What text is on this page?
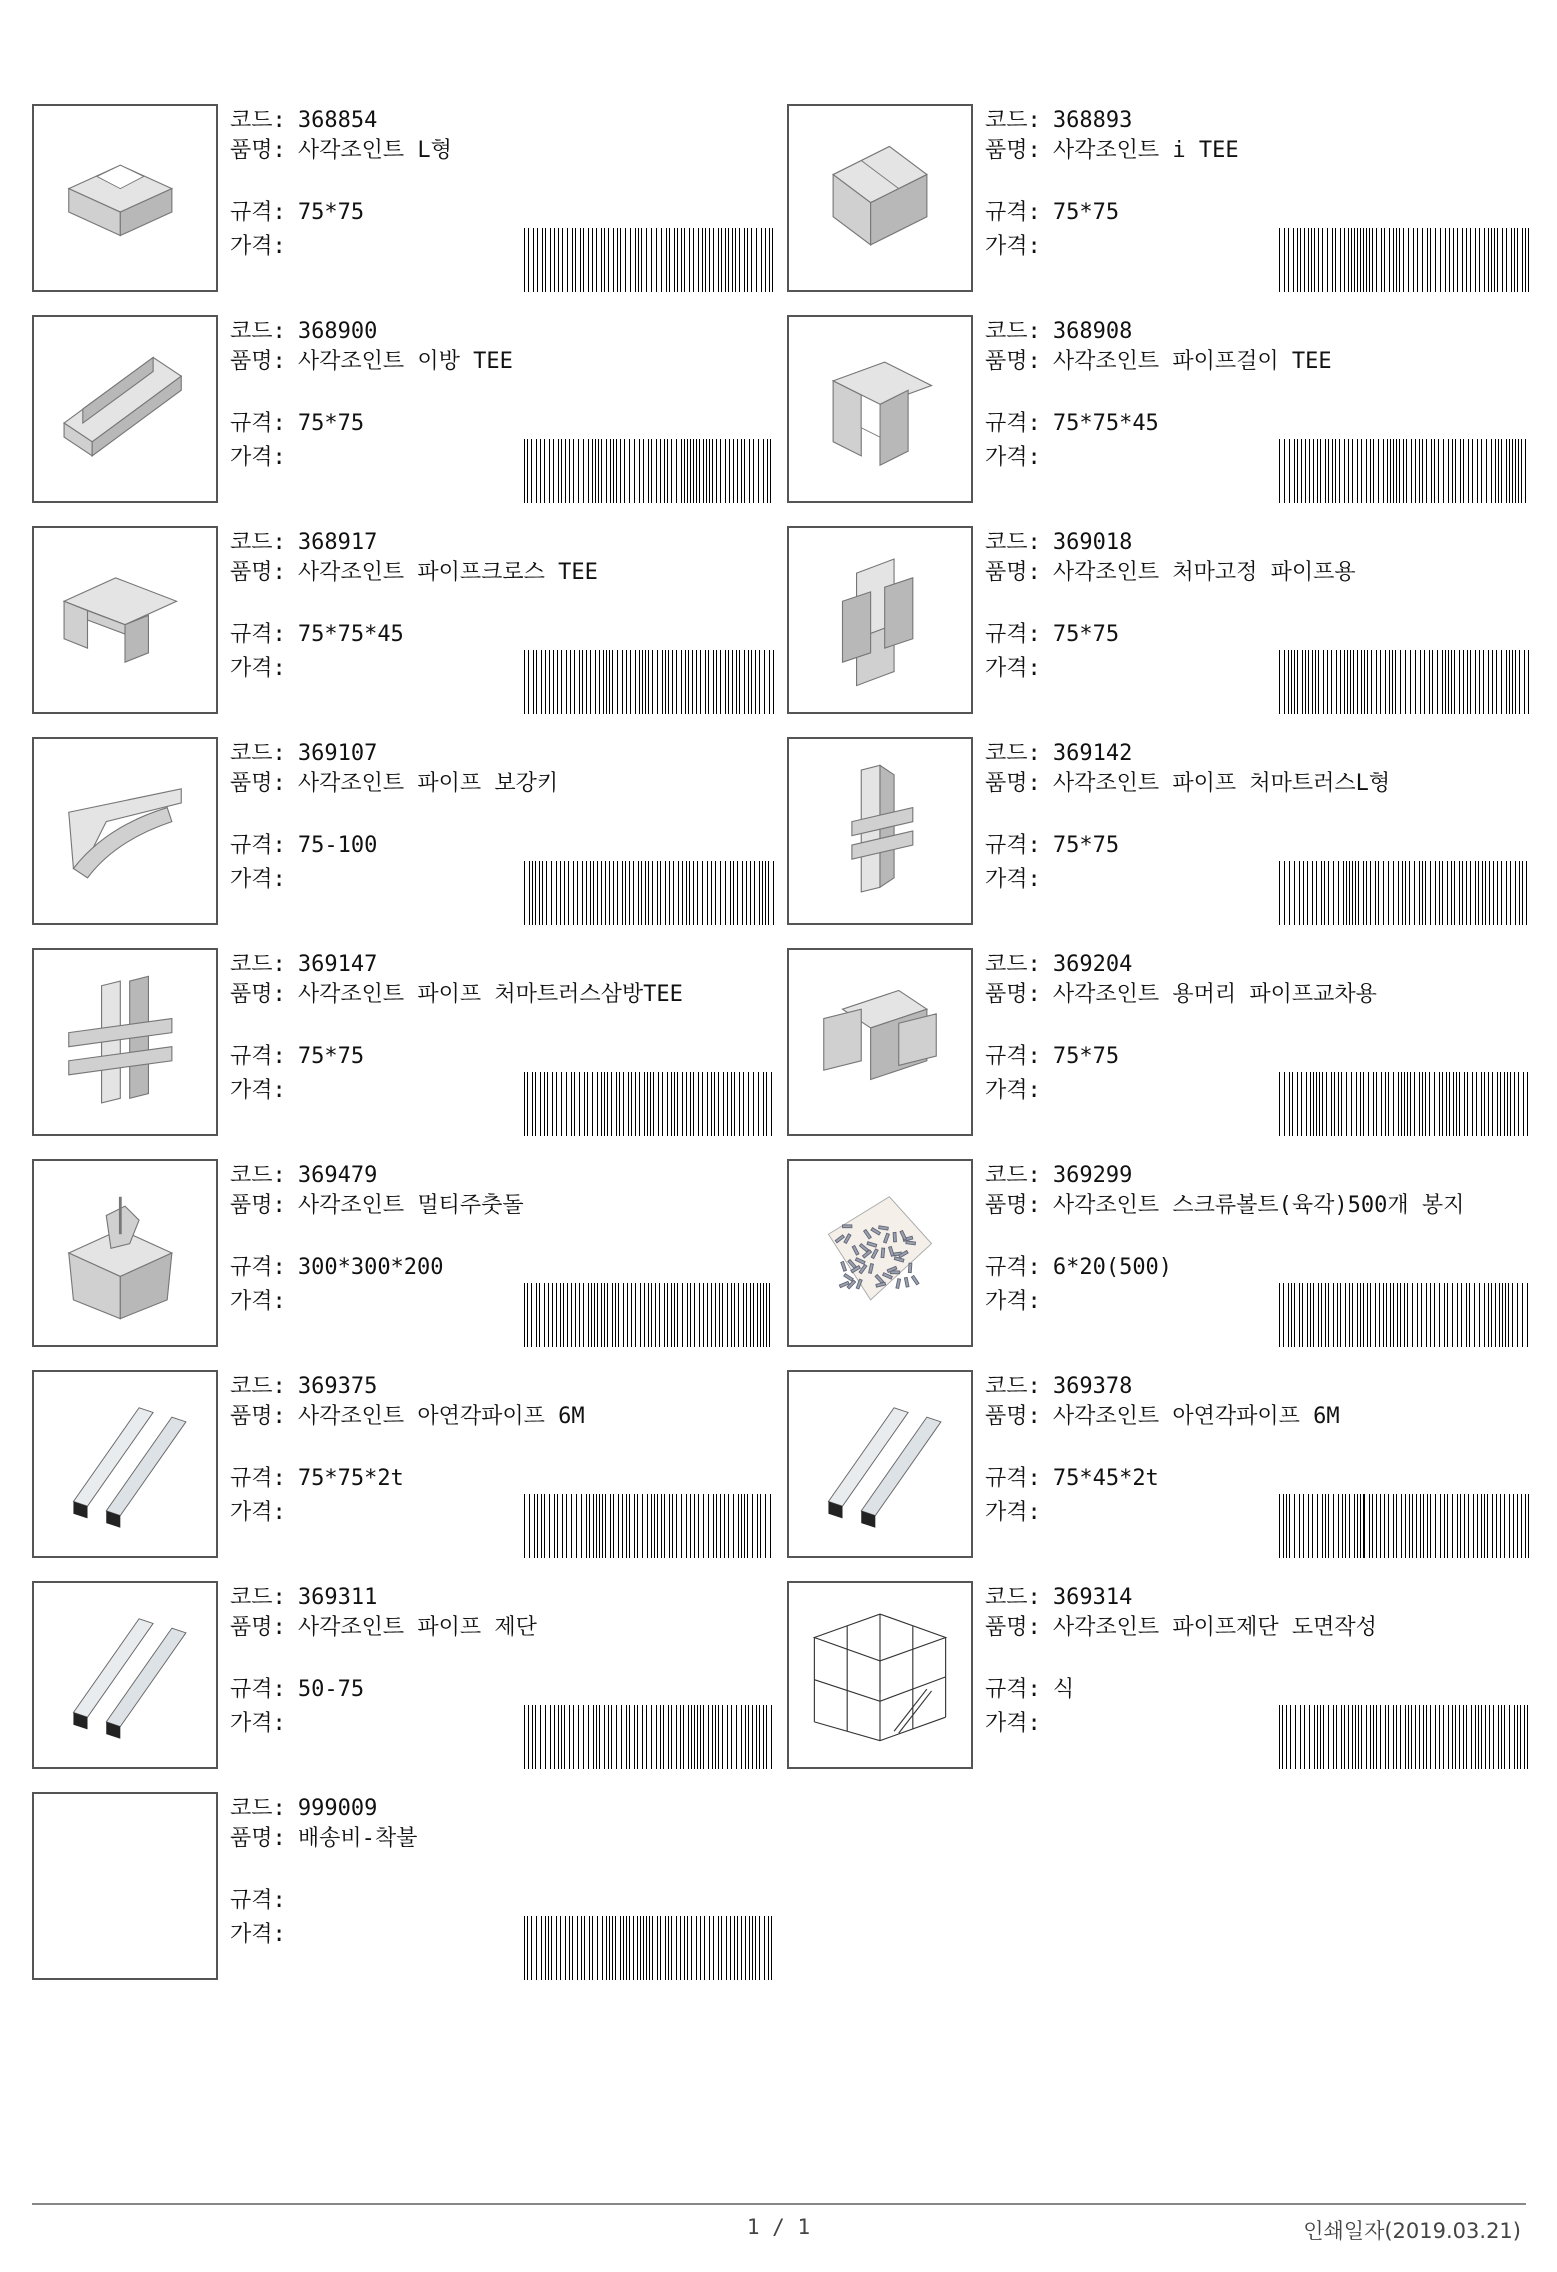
코드: 368854
품명: 사각조인트 L형
규격: 75*75
가격:
코드: 368893
품명: 사각조인트 i TEE
규격: 75*75
가격:
코드: 368900
품명: 사각조인트 이방 TEE
규격: 75*75
가격:
코드: 368908
품명: 사각조인트 파이프걸이 TEE
규격: 75*75*45
가격:
코드: 368917
품명: 사각조인트 파이프크로스 TEE
규격: 75*75*45
가격:
코드: 369018
품명: 사각조인트 처마고정 파이프용
규격: 75*75
가격:
코드: 369107
품명: 사각조인트 파이프 보강키
규격: 75-100
가격:
코드: 369142
품명: 사각조인트 파이프 처마트러스L형
규격: 75*75
가격:
코드: 369147
품명: 사각조인트 파이프 처마트러스삼방TEE
규격: 75*75
가격:
코드: 369204
품명: 사각조인트 용머리 파이프교차용
규격: 75*75
가격:
코드: 369479
품명: 사각조인트 멀티주춧돌
규격: 300*300*200
가격:
코드: 369299
품명: 사각조인트 스크류볼트(육각)500개 봉지
규격: 6*20(500)
가격:
코드: 369375
품명: 사각조인트 아연각파이프 6M
규격: 75*75*2t
가격:
코드: 369378
품명: 사각조인트 아연각파이프 6M
규격: 75*45*2t
가격:
코드: 369311
품명: 사각조인트 파이프 제단
규격: 50-75
가격:
코드: 369314
품명: 사각조인트 파이프제단 도면작성
규격: 식
가격:
코드: 999009
품명: 배송비-착불
규격:
가격:
1 / 1	인쇄일자(2019.03.21)
